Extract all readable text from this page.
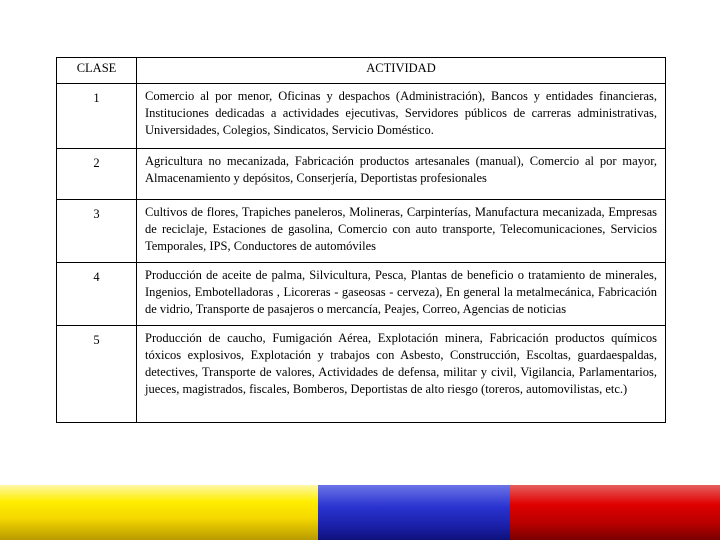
CLASE	ACTIVIDAD
1	Comercio al por menor, Oficinas y despachos (Administración), Bancos y entidades financieras, Instituciones dedicadas a actividades ejecutivas, Servidores públicos de carreras administrativas, Universidades, Colegios, Sindicatos, Servicio Doméstico.

2	Agricultura no mecanizada, Fabricación productos artesanales (manual), Comercio al por mayor, Almacenamiento y depósitos, Conserjería, Deportistas profesionales

3	Cultivos de flores, Trapiches paneleros, Molineras, Carpinterías, Manufactura mecanizada, Empresas de reciclaje, Estaciones de gasolina, Comercio con auto transporte, Telecomunicaciones, Servicios Temporales, IPS, Conductores de automóviles

4	Producción de aceite de palma, Silvicultura, Pesca, Plantas de beneficio o tratamiento de minerales, Ingenios, Embotelladoras , Licoreras - gaseosas - cerveza), En general la metalmecánica, Fabricación de vidrio, Transporte de pasajeros o mercancía, Peajes, Correo, Agencias de noticias

5	Producción de caucho, Fumigación Aérea, Explotación minera, Fabricación productos químicos tóxicos explosivos, Explotación y trabajos con Asbesto, Construcción, Escoltas, guardaespaldas, detectives, Transporte de valores, Actividades de defensa, militar y civil, Vigilancia, Parlamentarios, jueces, magistrados, fiscales, Bomberos, Deportistas de alto riesgo (toreros, automovilistas, etc.)
